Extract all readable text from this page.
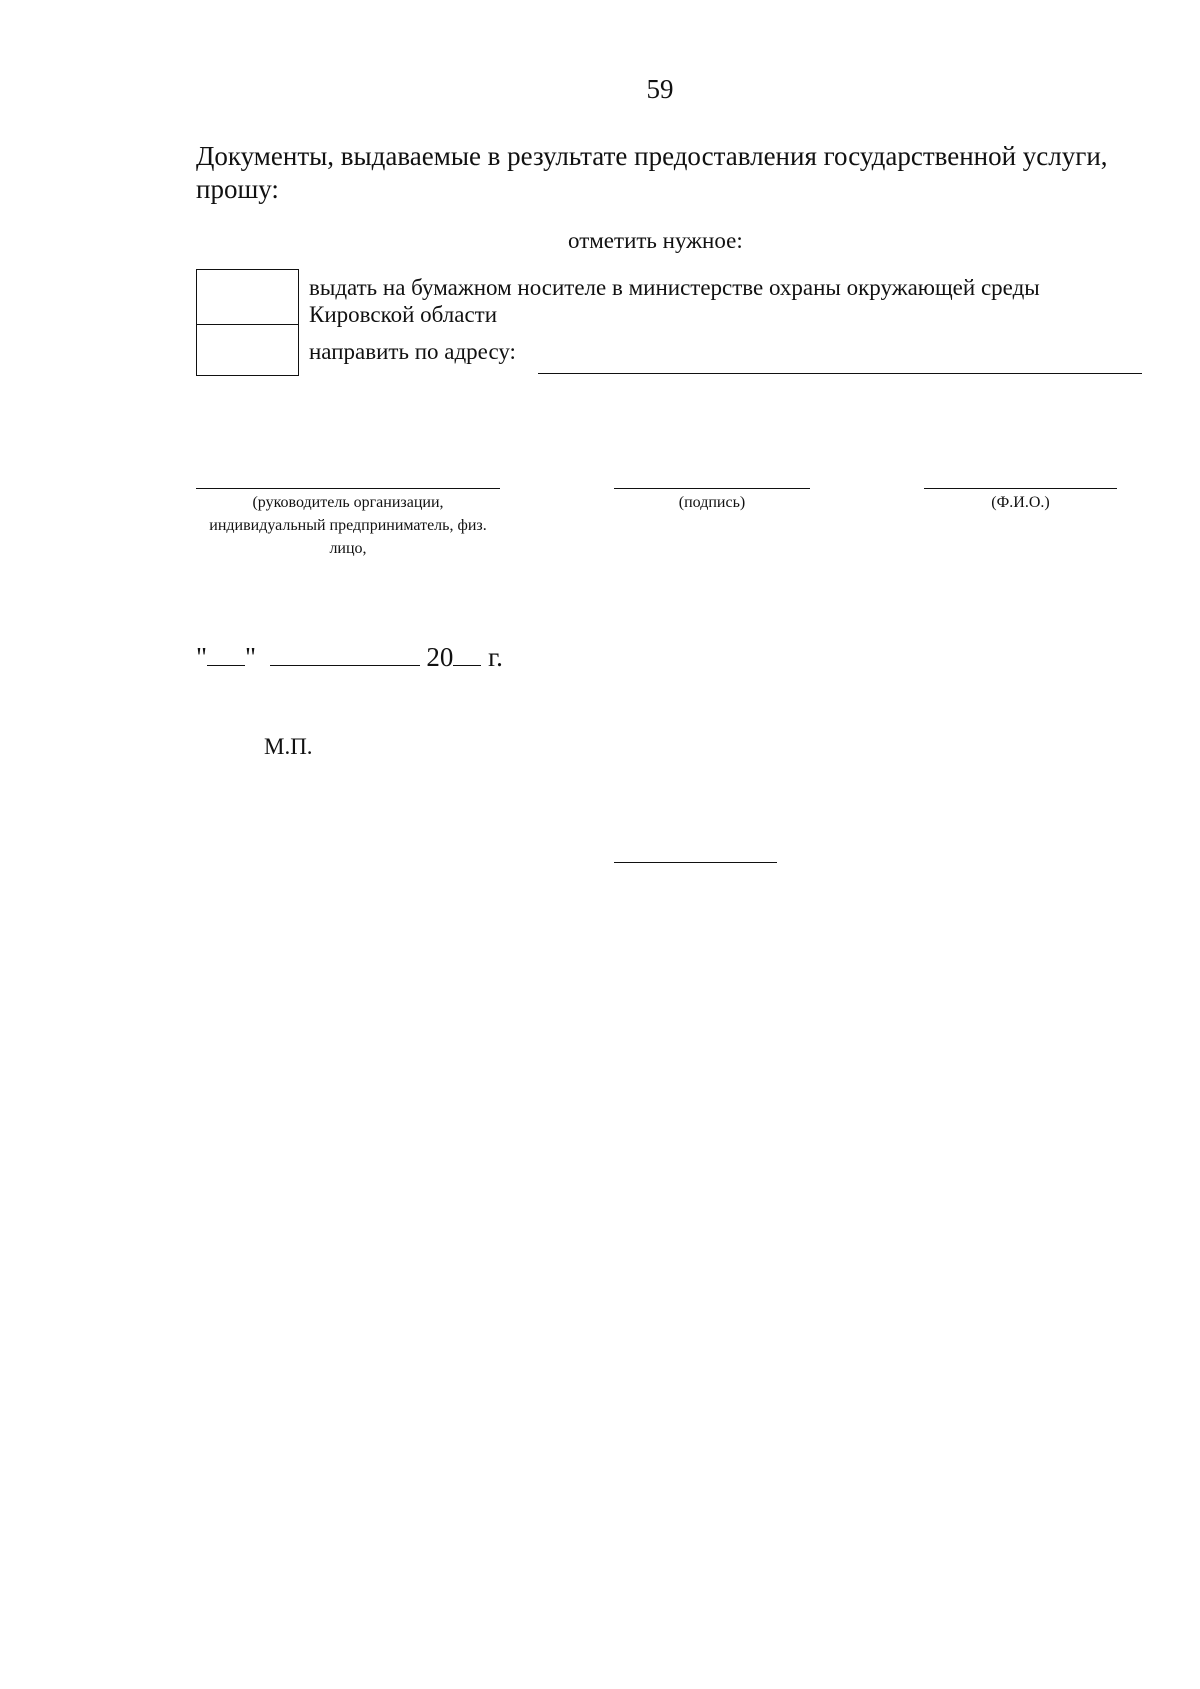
59
Документы, выдаваемые в результате предоставления государственной услуги, прошу:
отметить нужное:
выдать на бумажном носителе в министерстве охраны окружающей среды Кировской области
направить по адресу:
(руководитель организации, индивидуальный предприниматель, физ. лицо,
(подпись)	(Ф.И.О.)
" "	20 г.
М.П.
